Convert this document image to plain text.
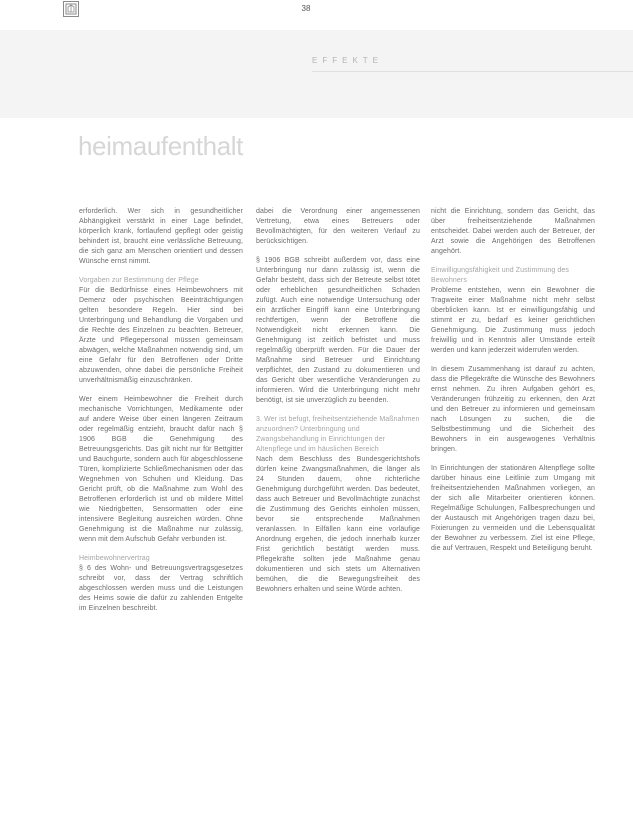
38
EFFEKTE
heimaufenthalt

erforderlich. Wer sich in gesundheitlicher Abhängigkeit verstärkt in einer Lage befindet, körperlich krank, fortlaufend gepflegt oder geistig behindert ist, braucht eine verlässliche Betreuung, die sich ganz am Menschen orientiert und dessen Wünsche ernst nimmt.

Vorgaben zur Bestimmung der Pflege

Für die Bedürfnisse eines Heimbewohners mit Demenz oder psychischen Beeinträchtigungen gelten besondere Regeln. Hier sind bei Unterbringung und Behandlung die Vorgaben und die Rechte des Einzelnen zu beachten. Betreuer, Ärzte und Pflegepersonal müssen gemeinsam abwägen, welche Maßnahmen notwendig sind, um eine Gefahr für den Betroffenen oder Dritte abzuwenden, ohne dabei die persönliche Freiheit unverhältnismäßig einzuschränken.

Wer einem Heimbewohner die Freiheit durch mechanische Vorrichtungen, Medikamente oder auf andere Weise über einen längeren Zeitraum oder regelmäßig entzieht, braucht dafür nach § 1906 BGB die Genehmigung des Betreuungsgerichts. Das gilt nicht nur für Bettgitter und Bauchgurte, sondern auch für abgeschlossene Türen, komplizierte Schließmechanismen oder das Wegnehmen von Schuhen und Kleidung. Das Gericht prüft, ob die Maßnahme zum Wohl des Betroffenen erforderlich ist und ob mildere Mittel wie Niedrigbetten, Sensormatten oder eine intensivere Begleitung ausreichen würden. Ohne Genehmigung ist die Maßnahme nur zulässig, wenn mit dem Aufschub Gefahr verbunden ist.

Heimbewohnervertrag

§ 6 des Wohn- und Betreuungsvertragsgesetzes schreibt vor, dass der Vertrag schriftlich abgeschlossen werden muss und die Leistungen des Heims sowie die dafür zu zahlenden Entgelte im Einzelnen beschreibt.

dabei die Verordnung einer angemessenen Vertretung, etwa eines Betreuers oder Bevollmächtigten, für den weiteren Verlauf zu berücksichtigen.

§ 1906 BGB schreibt außerdem vor, dass eine Unterbringung nur dann zulässig ist, wenn die Gefahr besteht, dass sich der Betreute selbst tötet oder erheblichen gesundheitlichen Schaden zufügt. Auch eine notwendige Untersuchung oder ein ärztlicher Eingriff kann eine Unterbringung rechtfertigen, wenn der Betroffene die Notwendigkeit nicht erkennen kann. Die Genehmigung ist zeitlich befristet und muss regelmäßig überprüft werden. Für die Dauer der Maßnahme sind Betreuer und Einrichtung verpflichtet, den Zustand zu dokumentieren und das Gericht über wesentliche Veränderungen zu informieren. Wird die Unterbringung nicht mehr benötigt, ist sie unverzüglich zu beenden.

3. Wer ist befugt, freiheitsentziehende Maßnahmen anzuordnen? Unterbringung und Zwangsbehandlung in Einrichtungen der Altenpflege und im häuslichen Bereich

Nach dem Beschluss des Bundesgerichtshofs dürfen keine Zwangsmaßnahmen, die länger als 24 Stunden dauern, ohne richterliche Genehmigung durchgeführt werden. Das bedeutet, dass auch Betreuer und Bevollmächtigte zunächst die Zustimmung des Gerichts einholen müssen, bevor sie entsprechende Maßnahmen veranlassen. In Eilfällen kann eine vorläufige Anordnung ergehen, die jedoch innerhalb kurzer Frist gerichtlich bestätigt werden muss. Pflegekräfte sollten jede Maßnahme genau dokumentieren und sich stets um Alternativen bemühen, die die Bewegungsfreiheit des Bewohners erhalten und seine Würde achten.

nicht die Einrichtung, sondern das Gericht, das über freiheitsentziehende Maßnahmen entscheidet. Dabei werden auch der Betreuer, der Arzt sowie die Angehörigen des Betroffenen angehört.

Einwilligungsfähigkeit und Zustimmung des Bewohners

Probleme entstehen, wenn ein Bewohner die Tragweite einer Maßnahme nicht mehr selbst überblicken kann. Ist er einwilligungsfähig und stimmt er zu, bedarf es keiner gerichtlichen Genehmigung. Die Zustimmung muss jedoch freiwillig und in Kenntnis aller Umstände erteilt werden und kann jederzeit widerrufen werden.

In diesem Zusammenhang ist darauf zu achten, dass die Pflegekräfte die Wünsche des Bewohners ernst nehmen. Zu ihren Aufgaben gehört es, Veränderungen frühzeitig zu erkennen, den Arzt und den Betreuer zu informieren und gemeinsam nach Lösungen zu suchen, die die Selbstbestimmung und die Sicherheit des Bewohners in ein ausgewogenes Verhältnis bringen.

In Einrichtungen der stationären Altenpflege sollte darüber hinaus eine Leitlinie zum Umgang mit freiheitsentziehenden Maßnahmen vorliegen, an der sich alle Mitarbeiter orientieren können. Regelmäßige Schulungen, Fallbesprechungen und der Austausch mit Angehörigen tragen dazu bei, Fixierungen zu vermeiden und die Lebensqualität der Bewohner zu verbessern. Ziel ist eine Pflege, die auf Vertrauen, Respekt und Beteiligung beruht.
